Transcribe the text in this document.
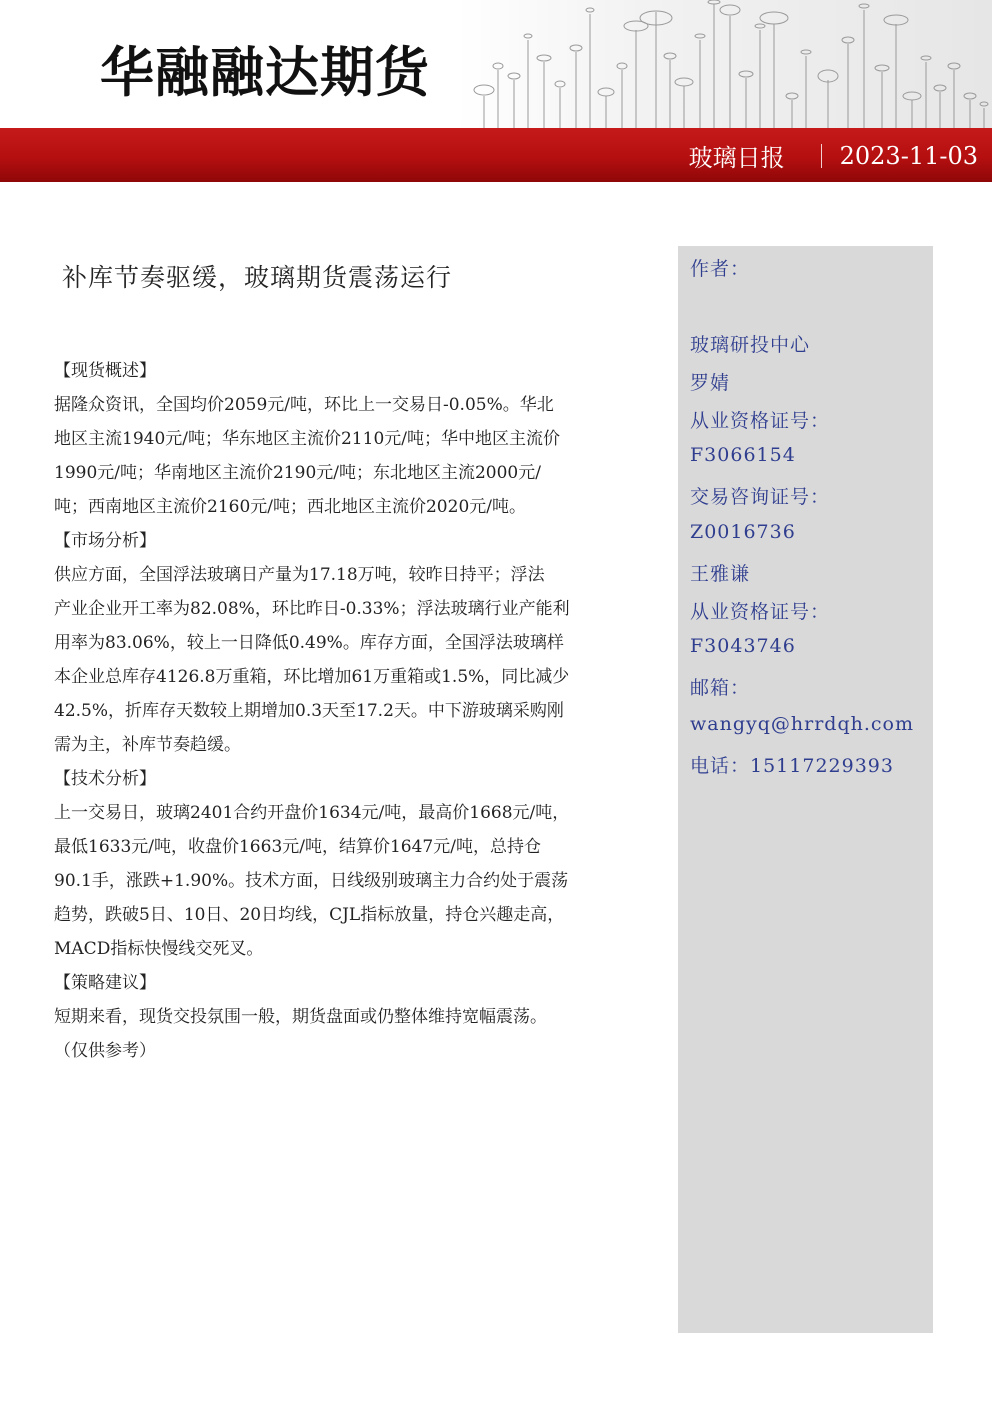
华融融达期货
玻璃日报 2023-11-03
补库节奏驱缓，玻璃期货震荡运行
【现货概述】
据隆众资讯，全国均价2059元/吨，环比上一交易日-0.05%。华北
地区主流1940元/吨；华东地区主流价2110元/吨；华中地区主流价
1990元/吨；华南地区主流价2190元/吨；东北地区主流2000元/
吨；西南地区主流价2160元/吨；西北地区主流价2020元/吨。
【市场分析】
供应方面，全国浮法玻璃日产量为17.18万吨，较昨日持平；浮法
产业企业开工率为82.08%，环比昨日-0.33%；浮法玻璃行业产能利
用率为83.06%，较上一日降低0.49%。库存方面，全国浮法玻璃样
本企业总库存4126.8万重箱，环比增加61万重箱或1.5%，同比减少
42.5%，折库存天数较上期增加0.3天至17.2天。中下游玻璃采购刚
需为主，补库节奏趋缓。
【技术分析】
上一交易日，玻璃2401合约开盘价1634元/吨，最高价1668元/吨，
最低1633元/吨，收盘价1663元/吨，结算价1647元/吨，总持仓
90.1手，涨跌+1.90%。技术方面，日线级别玻璃主力合约处于震荡
趋势，跌破5日、10日、20日均线，CJL指标放量，持仓兴趣走高，
MACD指标快慢线交死叉。
【策略建议】
短期来看，现货交投氛围一般，期货盘面或仍整体维持宽幅震荡。
（仅供参考）
作者：
玻璃研投中心
罗婧
从业资格证号：
F3066154
交易咨询证号：
Z0016736
王雅谦
从业资格证号：
F3043746
邮箱：
wangyq@hrrdqh.com
电话：15117229393
